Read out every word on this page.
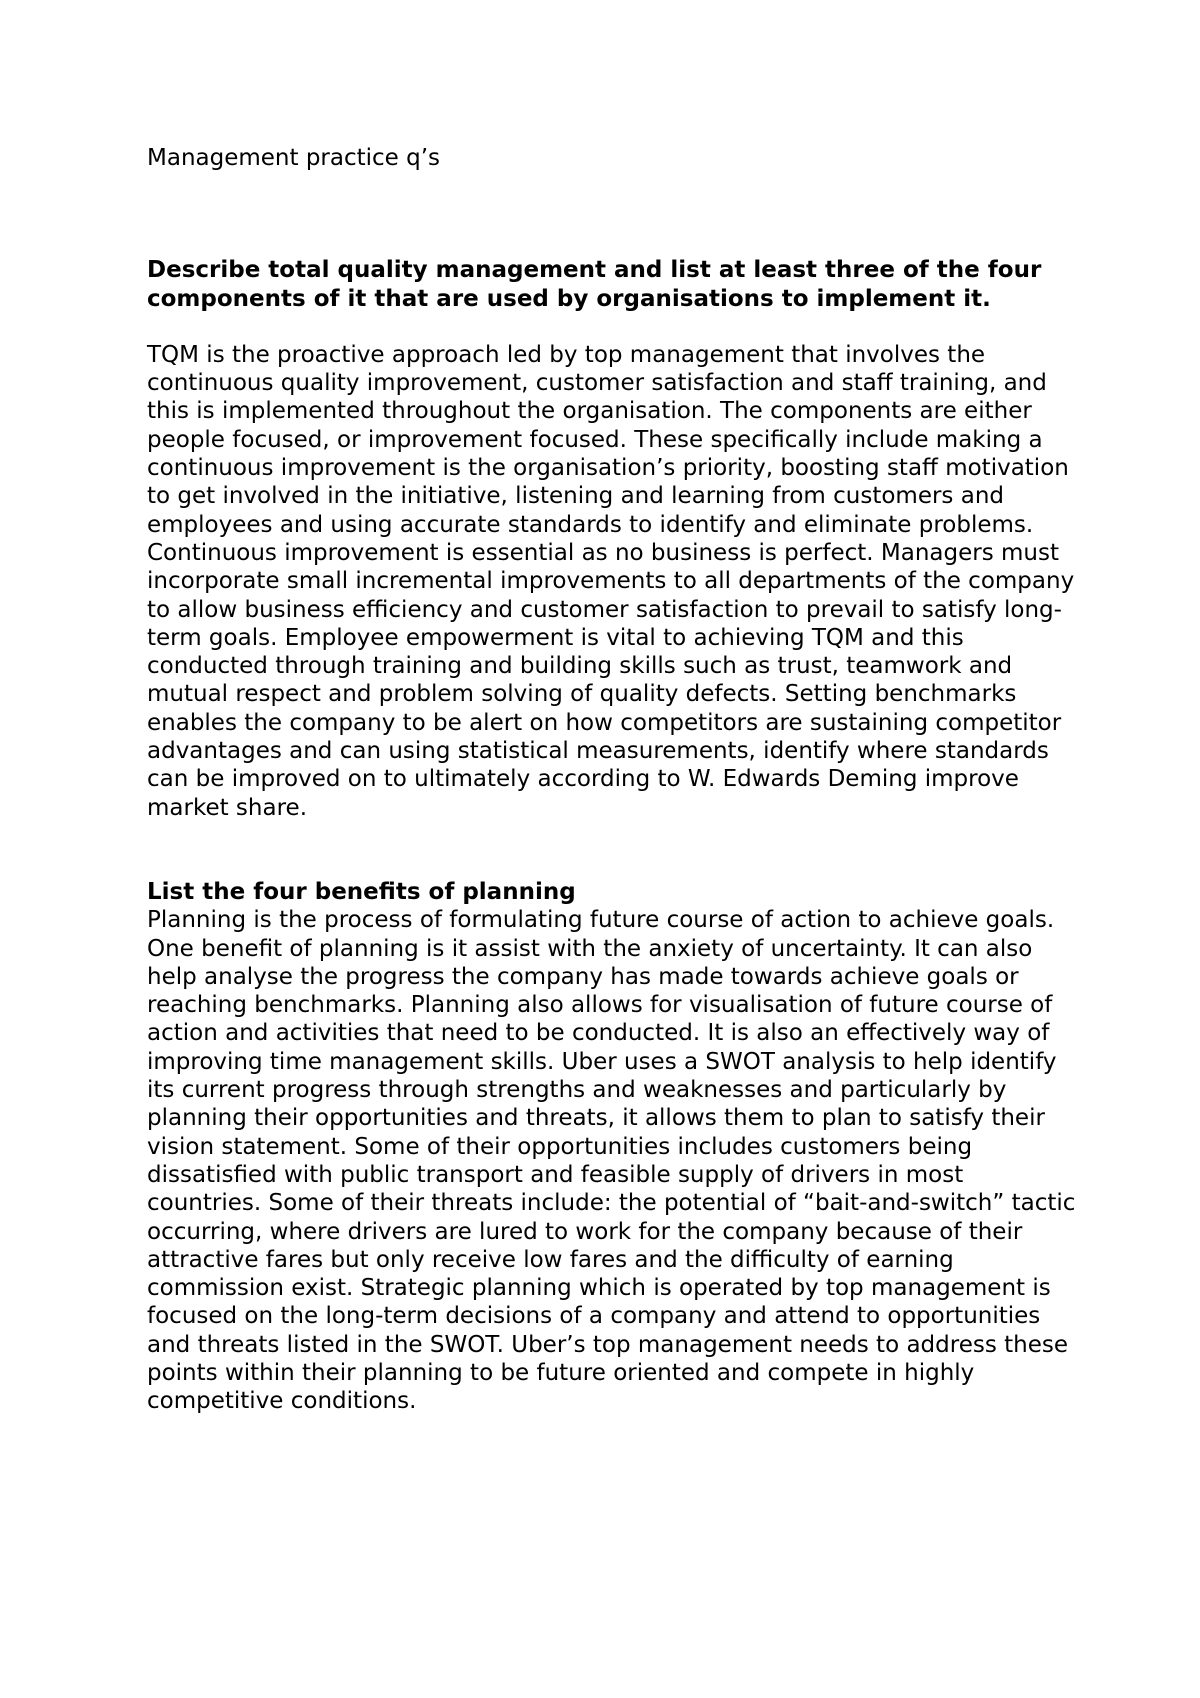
Management practice q’s

Describe total quality management and list at least three of the four components of it that are used by organisations to implement it.

TQM is the proactive approach led by top management that involves the continuous quality improvement, customer satisfaction and staff training, and this is implemented throughout the organisation. The components are either people focused, or improvement focused. These specifically include making a continuous improvement is the organisation’s priority, boosting staff motivation to get involved in the initiative, listening and learning from customers and employees and using accurate standards to identify and eliminate problems. Continuous improvement is essential as no business is perfect. Managers must incorporate small incremental improvements to all departments of the company to allow business efficiency and customer satisfaction to prevail to satisfy long-term goals. Employee empowerment is vital to achieving TQM and this conducted through training and building skills such as trust, teamwork and mutual respect and problem solving of quality defects. Setting benchmarks enables the company to be alert on how competitors are sustaining competitor advantages and can using statistical measurements, identify where standards can be improved on to ultimately according to W. Edwards Deming improve market share.

List the four benefits of planning

Planning is the process of formulating future course of action to achieve goals. One benefit of planning is it assist with the anxiety of uncertainty. It can also help analyse the progress the company has made towards achieve goals or reaching benchmarks. Planning also allows for visualisation of future course of action and activities that need to be conducted. It is also an effectively way of improving time management skills. Uber uses a SWOT analysis to help identify its current progress through strengths and weaknesses and particularly by planning their opportunities and threats, it allows them to plan to satisfy their vision statement. Some of their opportunities includes customers being dissatisfied with public transport and feasible supply of drivers in most countries. Some of their threats include: the potential of “bait-and-switch” tactic occurring, where drivers are lured to work for the company because of their attractive fares but only receive low fares and the difficulty of earning commission exist. Strategic planning which is operated by top management is focused on the long-term decisions of a company and attend to opportunities and threats listed in the SWOT. Uber’s top management needs to address these points within their planning to be future oriented and compete in highly competitive conditions.
